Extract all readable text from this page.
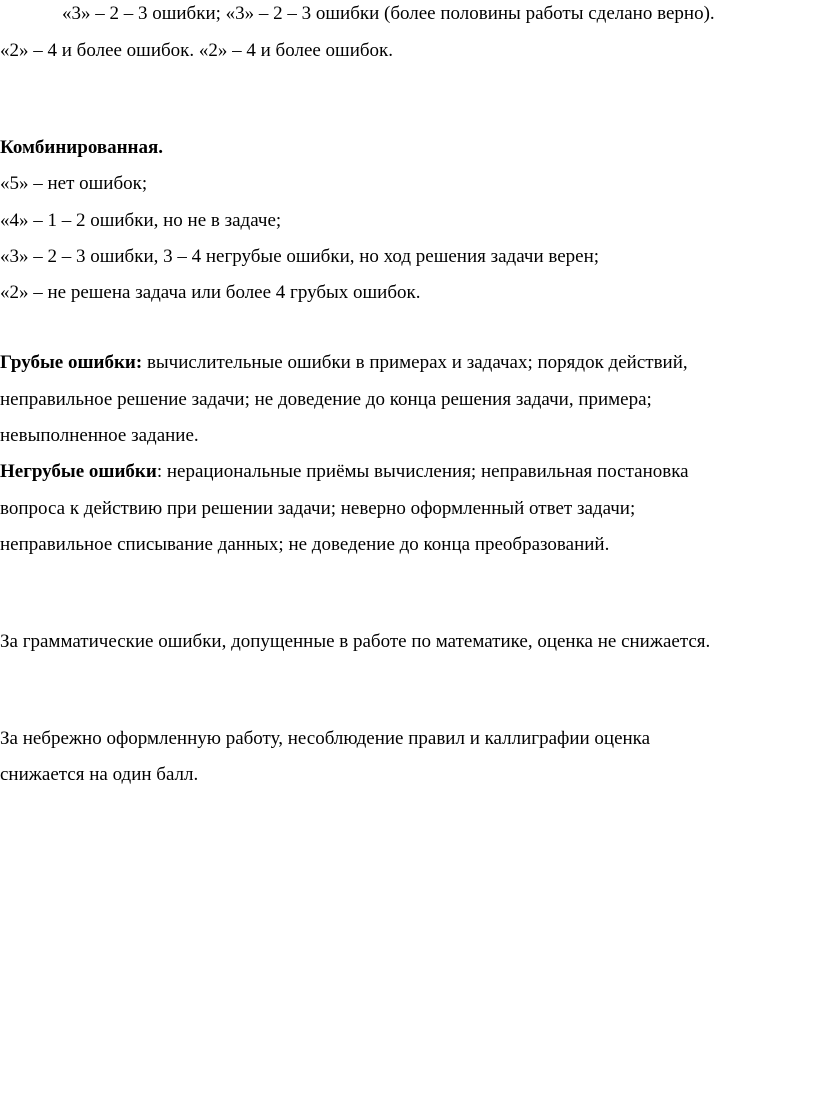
«3» – 2 – 3 ошибки; «3» – 2 – 3 ошибки (более половины работы сделано верно).
«2» – 4 и более ошибок. «2» – 4 и более ошибок.
Комбинированная.
«5» – нет ошибок;
«4» – 1 – 2 ошибки, но не в задаче;
«3» – 2 – 3 ошибки, 3 – 4 негрубые ошибки, но ход решения задачи верен;
«2» – не решена задача или более 4 грубых ошибок.
Грубые ошибки: вычислительные ошибки в примерах и задачах; порядок действий,
неправильное решение задачи; не доведение до конца решения задачи, примера;
невыполненное задание.
Негрубые ошибки: нерациональные приёмы вычисления; неправильная постановка
вопроса к действию при решении задачи; неверно оформленный ответ задачи;
неправильное списывание данных; не доведение до конца преобразований.
За грамматические ошибки, допущенные в работе по математике, оценка не снижается.
За небрежно оформленную работу, несоблюдение правил и каллиграфии оценка
снижается на один балл.
